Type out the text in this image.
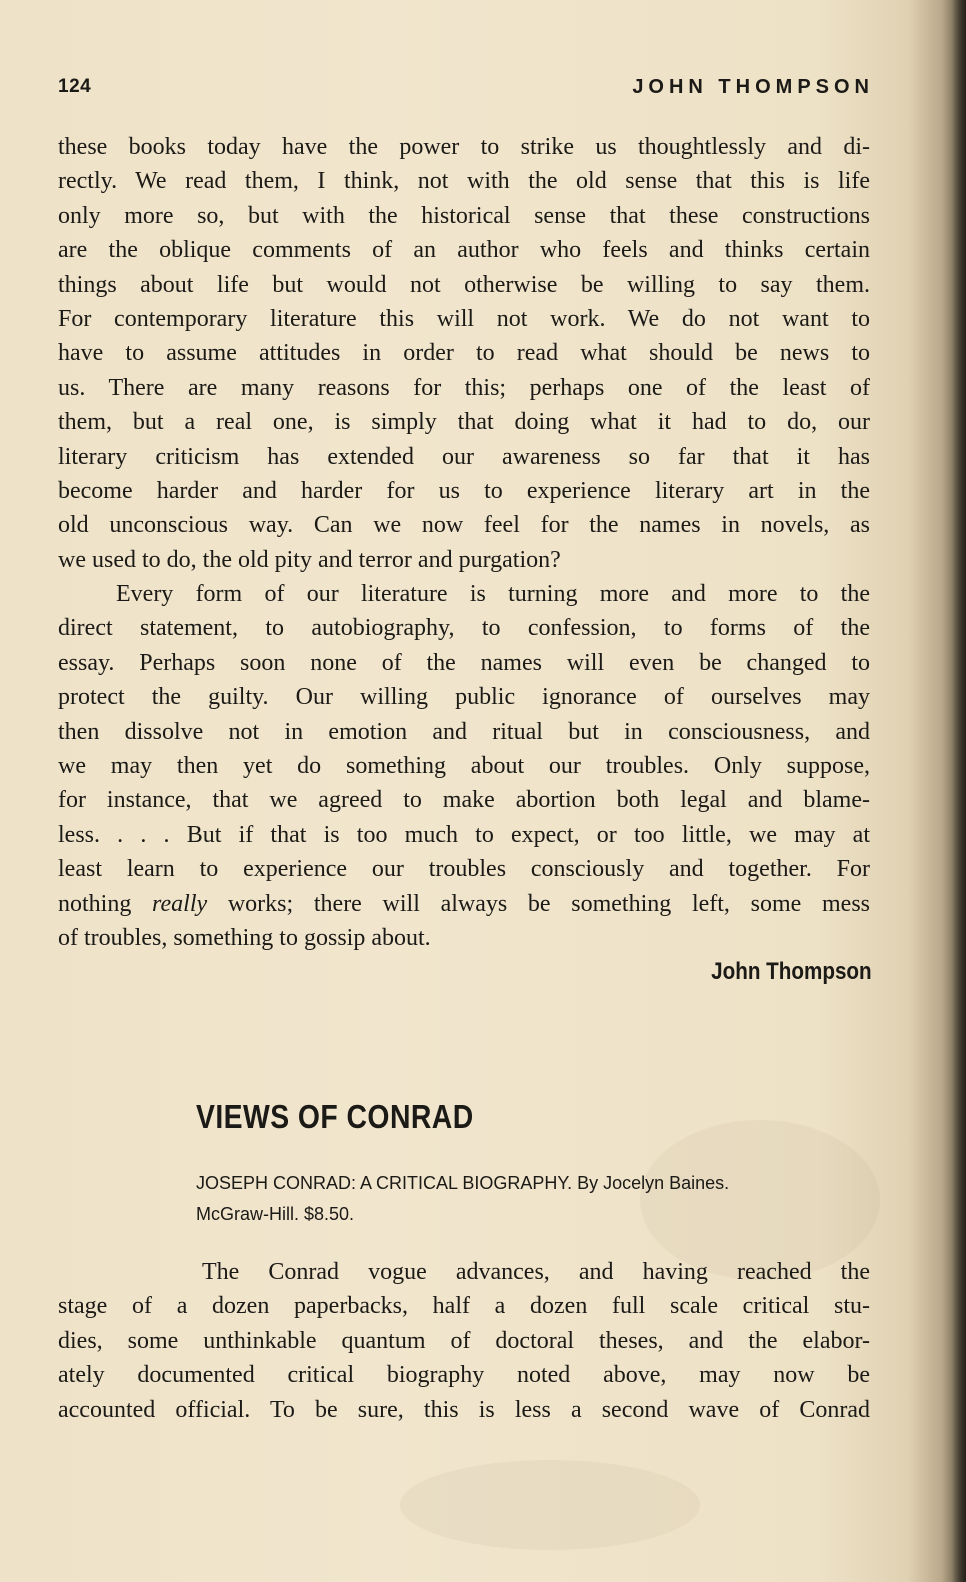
124	JOHN THOMPSON
these books today have the power to strike us thoughtlessly and di-
rectly. We read them, I think, not with the old sense that this is life
only more so, but with the historical sense that these constructions
are the oblique comments of an author who feels and thinks certain
things about life but would not otherwise be willing to say them.
For contemporary literature this will not work. We do not want to
have to assume attitudes in order to read what should be news to
us. There are many reasons for this; perhaps one of the least of
them, but a real one, is simply that doing what it had to do, our
literary criticism has extended our awareness so far that it has
become harder and harder for us to experience literary art in the
old unconscious way. Can we now feel for the names in novels, as
we used to do, the old pity and terror and purgation?
Every form of our literature is turning more and more to the
direct statement, to autobiography, to confession, to forms of the
essay. Perhaps soon none of the names will even be changed to
protect the guilty. Our willing public ignorance of ourselves may
then dissolve not in emotion and ritual but in consciousness, and
we may then yet do something about our troubles. Only suppose,
for instance, that we agreed to make abortion both legal and blame-
less. . . . But if that is too much to expect, or too little, we may at
least learn to experience our troubles consciously and together. For
nothing really works; there will always be something left, some mess
of troubles, something to gossip about.
John Thompson
VIEWS OF CONRAD
JOSEPH CONRAD: A CRITICAL BIOGRAPHY. By Jocelyn Baines.
McGraw-Hill. $8.50.
The Conrad vogue advances, and having reached the
stage of a dozen paperbacks, half a dozen full scale critical stu-
dies, some unthinkable quantum of doctoral theses, and the elabor-
ately documented critical biography noted above, may now be
accounted official. To be sure, this is less a second wave of Conrad
